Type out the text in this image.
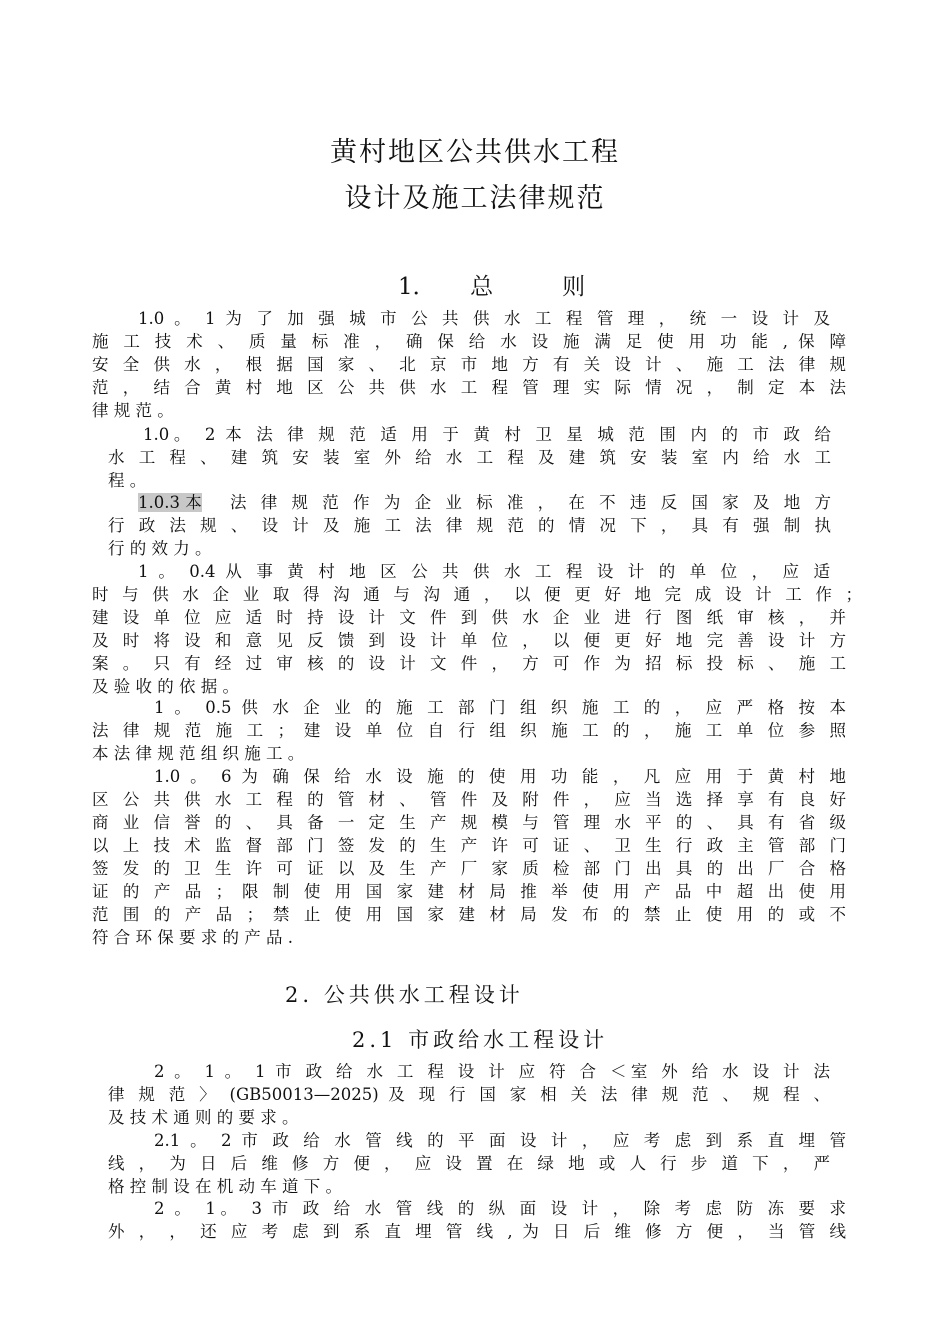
黄村地区公共供水工程
设计及施工法律规范
1．　　总　　　则
1.0 。 1 为 了 加 强 城 市 公 共 供 水 工 程 管 理 ， 统 一 设 计 及
施 工 技 术 、 质 量 标 准 ， 确 保 给 水 设 施 满 足 使 用 功 能 , 保 障
安 全 供 水 ， 根 据 国 家 、 北 京 市 地 方 有 关 设 计 、 施 工 法 律 规
范 ， 结 合 黄 村 地 区 公 共 供 水 工 程 管 理 实 际 情 况 ， 制 定 本 法
律 规 范 。
1.0。 2 本 法 律 规 范 适 用 于 黄 村 卫 星 城 范 围 内 的 市 政 给
水 工 程 、 建 筑 安 装 室 外 给 水 工 程 及 建 筑 安 装 室 内 给 水 工
程 。
1.0.3 本	法 律 规 范 作 为 企 业 标 准 ， 在 不 违 反 国 家 及 地 方
行 政 法 规 、 设 计 及 施 工 法 律 规 范 的 情 况 下 ， 具 有 强 制 执
行 的 效 力 。
1 。 0.4 从 事 黄 村 地 区 公 共 供 水 工 程 设 计 的 单 位 ， 应 适
时 与 供 水 企 业 取 得 沟 通 与 沟 通 ， 以 便 更 好 地 完 成 设 计 工 作 ；
建 设 单 位 应 适 时 持 设 计 文 件 到 供 水 企 业 进 行 图 纸 审 核 ， 并
及 时 将 设 和 意 见 反 馈 到 设 计 单 位 ， 以 便 更 好 地 完 善 设 计 方
案 。 只 有 经 过 审 核 的 设 计 文 件 ， 方 可 作 为 招 标 投 标 、 施 工
及 验 收 的 依 据 。
1 。 0.5 供 水 企 业 的 施 工 部 门 组 织 施 工 的 ， 应 严 格 按 本
法 律 规 范 施 工 ； 建 设 单 位 自 行 组 织 施 工 的 ， 施 工 单 位 参 照
本 法 律 规 范 组 织 施 工 。
1.0 。 6 为 确 保 给 水 设 施 的 使 用 功 能 ， 凡 应 用 于 黄 村 地
区 公 共 供 水 工 程 的 管 材 、 管 件 及 附 件 ， 应 当 选 择 享 有 良 好
商 业 信 誉 的 、 具 备 一 定 生 产 规 模 与 管 理 水 平 的 、 具 有 省 级
以 上 技 术 监 督 部 门 签 发 的 生 产 许 可 证 、 卫 生 行 政 主 管 部 门
签 发 的 卫 生 许 可 证 以 及 生 产 厂 家 质 检 部 门 出 具 的 出 厂 合 格
证 的 产 品 ； 限 制 使 用 国 家 建 材 局 推 举 使 用 产 品 中 超 出 使 用
范 围 的 产 品 ； 禁 止 使 用 国 家 建 材 局 发 布 的 禁 止 使 用 的 或 不
符 合 环 保 要 求 的 产 品 .
2. 公共供水工程设计
2.1 市政给水工程设计
2 。 1 。 1 市 政 给 水 工 程 设 计 应 符 合 ＜室 外 给 水 设 计 法
律 规 范 〉 (GB50013—2025) 及 现 行 国 家 相 关 法 律 规 范 、 规 程 、
及 技 术 通 则 的 要 求 。
2.1 。 2 市 政 给 水 管 线 的 平 面 设 计 ， 应 考 虑 到 系 直 埋 管
线 ， 为 日 后 维 修 方 便 ， 应 设 置 在 绿 地 或 人 行 步 道 下 ， 严
格 控 制 设 在 机 动 车 道 下 。
2 。 1。 3 市 政 给 水 管 线 的 纵 面 设 计 ， 除 考 虑 防 冻 要 求
外 ， ， 还 应 考 虑 到 系 直 埋 管 线 , 为 日 后 维 修 方 便 ， 当 管 线
